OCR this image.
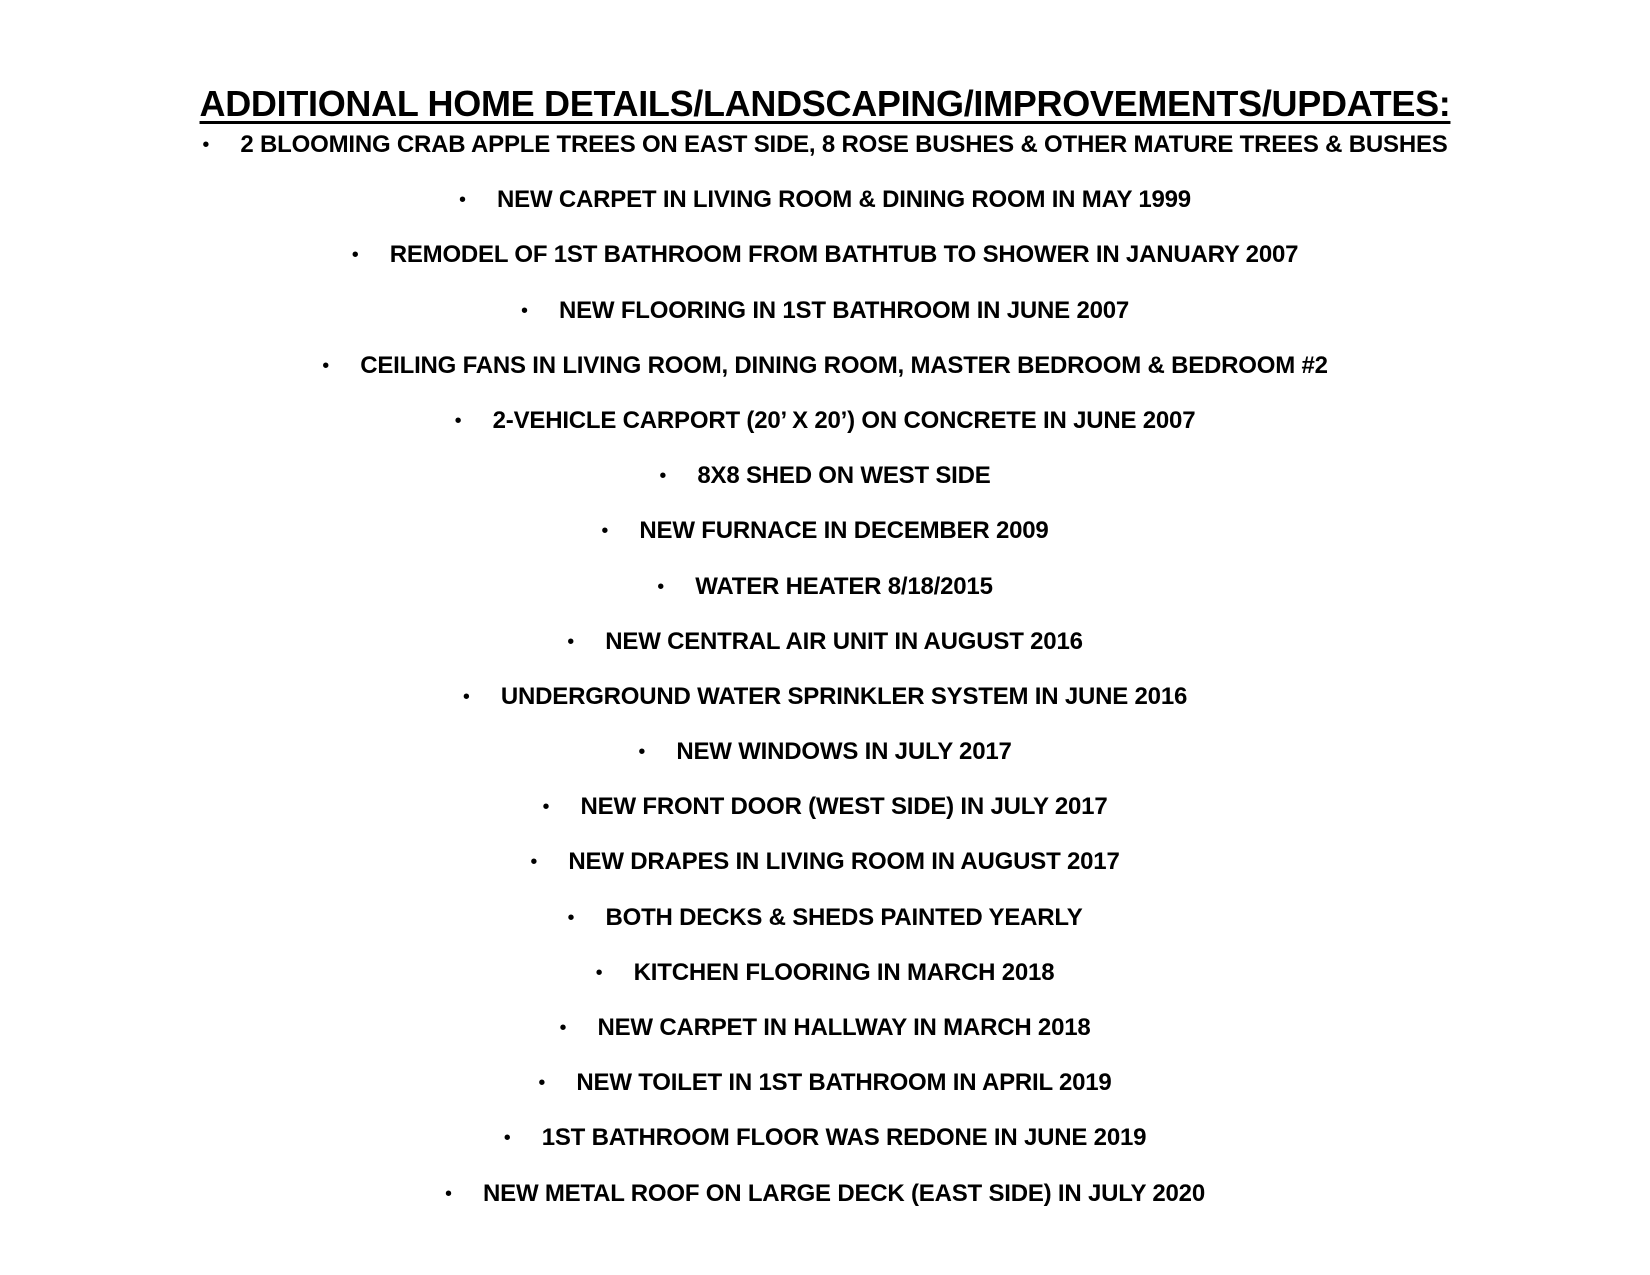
ADDITIONAL HOME DETAILS/LANDSCAPING/IMPROVEMENTS/UPDATES:
•	2 BLOOMING CRAB APPLE TREES ON EAST SIDE, 8 ROSE BUSHES & OTHER MATURE TREES & BUSHES
•	NEW CARPET IN LIVING ROOM & DINING ROOM IN MAY 1999
•	REMODEL OF 1ST BATHROOM FROM BATHTUB TO SHOWER IN JANUARY 2007
•	NEW FLOORING IN 1ST BATHROOM IN JUNE 2007
•	CEILING FANS IN LIVING ROOM, DINING ROOM, MASTER BEDROOM & BEDROOM #2
•	2-VEHICLE CARPORT (20’ X 20’) ON CONCRETE IN JUNE 2007
•	8X8 SHED ON WEST SIDE
•	NEW FURNACE IN DECEMBER 2009
•	WATER HEATER 8/18/2015
•	NEW CENTRAL AIR UNIT IN AUGUST 2016
•	UNDERGROUND WATER SPRINKLER SYSTEM IN JUNE 2016
•	NEW WINDOWS IN JULY 2017
•	NEW FRONT DOOR (WEST SIDE) IN JULY 2017
•	NEW DRAPES IN LIVING ROOM IN AUGUST 2017
•	BOTH DECKS & SHEDS PAINTED YEARLY
•	KITCHEN FLOORING IN MARCH 2018
•	NEW CARPET IN HALLWAY IN MARCH 2018
•	NEW TOILET IN 1ST BATHROOM IN APRIL 2019
•	1ST BATHROOM FLOOR WAS REDONE IN JUNE 2019
•	NEW METAL ROOF ON LARGE DECK (EAST SIDE) IN JULY 2020
